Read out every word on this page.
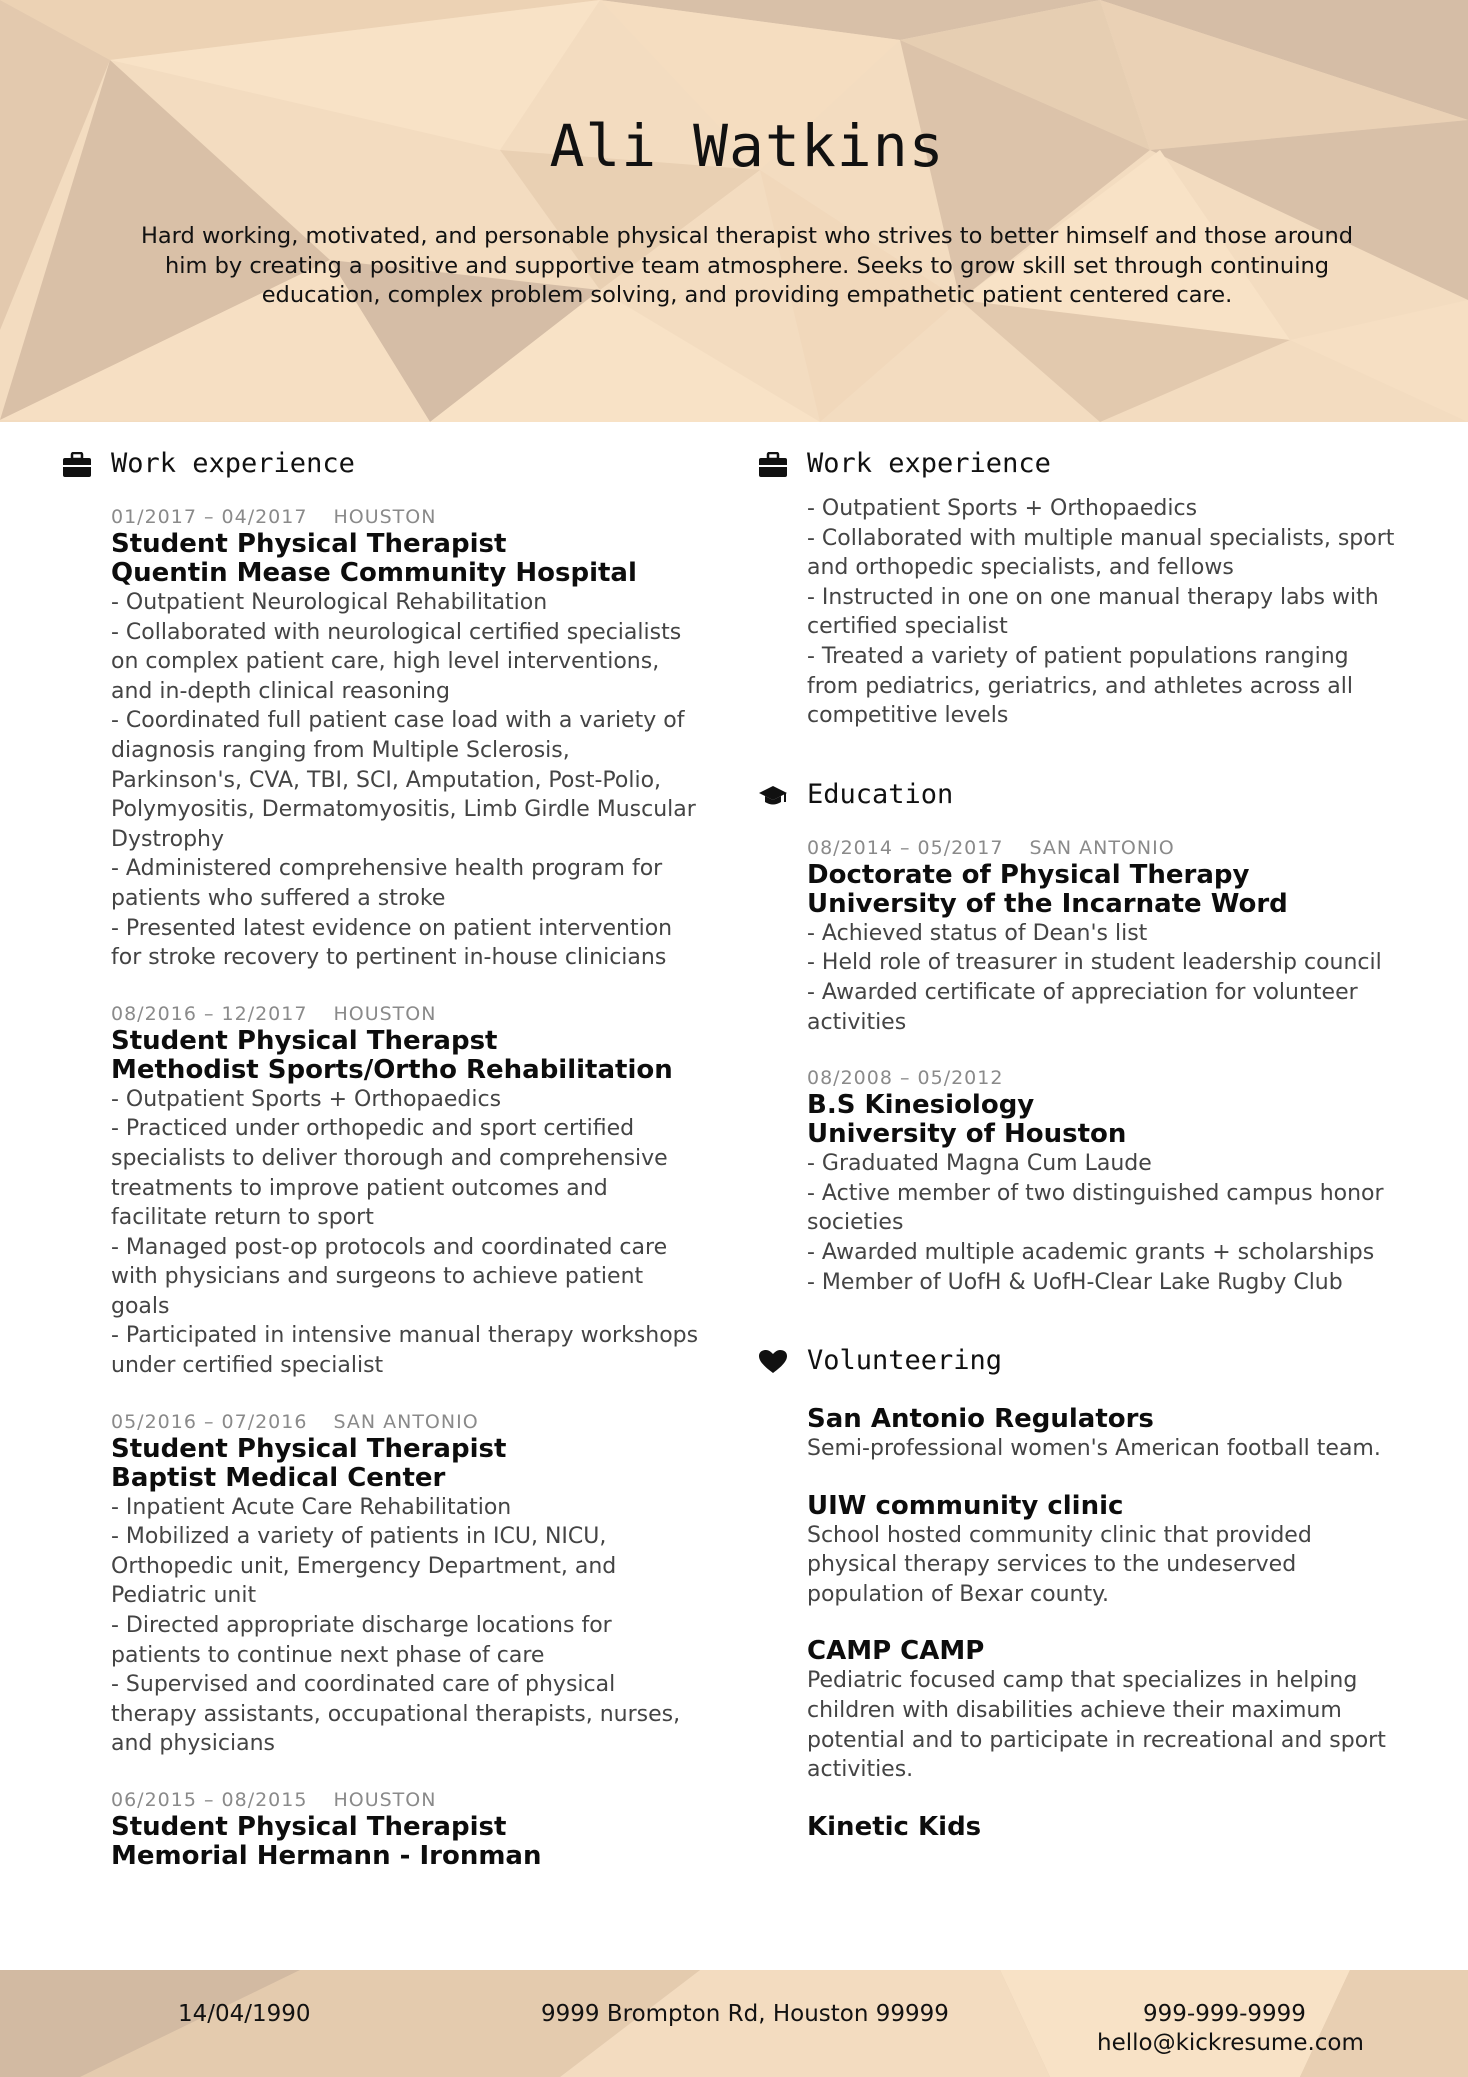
Ali Watkins
Hard working, motivated, and personable physical therapist who strives to better himself and those around him by creating a positive and supportive team atmosphere. Seeks to grow skill set through continuing education, complex problem solving, and providing empathetic patient centered care.
Work experience
01/2017 – 04/2017 HOUSTON
Student Physical Therapist
Quentin Mease Community Hospital
- Outpatient Neurological Rehabilitation
- Collaborated with neurological certified specialists on complex patient care, high level interventions, and in-depth clinical reasoning
- Coordinated full patient case load with a variety of diagnosis ranging from Multiple Sclerosis, Parkinson's, CVA, TBI, SCI, Amputation, Post-Polio, Polymyositis, Dermatomyositis, Limb Girdle Muscular Dystrophy
- Administered comprehensive health program for patients who suffered a stroke
- Presented latest evidence on patient intervention for stroke recovery to pertinent in-house clinicians
08/2016 – 12/2017 HOUSTON
Student Physical Therapst
Methodist Sports/Ortho Rehabilitation
- Outpatient Sports + Orthopaedics
- Practiced under orthopedic and sport certified specialists to deliver thorough and comprehensive treatments to improve patient outcomes and facilitate return to sport
- Managed post-op protocols and coordinated care with physicians and surgeons to achieve patient goals
- Participated in intensive manual therapy workshops under certified specialist
05/2016 – 07/2016 SAN ANTONIO
Student Physical Therapist
Baptist Medical Center
- Inpatient Acute Care Rehabilitation
- Mobilized a variety of patients in ICU, NICU, Orthopedic unit, Emergency Department, and Pediatric unit
- Directed appropriate discharge locations for patients to continue next phase of care
- Supervised and coordinated care of physical therapy assistants, occupational therapists, nurses, and physicians
06/2015 – 08/2015 HOUSTON
Student Physical Therapist
Memorial Hermann - Ironman
Work experience
- Outpatient Sports + Orthopaedics
- Collaborated with multiple manual specialists, sport and orthopedic specialists, and fellows
- Instructed in one on one manual therapy labs with certified specialist
- Treated a variety of patient populations ranging from pediatrics, geriatrics, and athletes across all competitive levels
Education
08/2014 – 05/2017 SAN ANTONIO
Doctorate of Physical Therapy
University of the Incarnate Word
- Achieved status of Dean's list
- Held role of treasurer in student leadership council
- Awarded certificate of appreciation for volunteer activities
08/2008 – 05/2012
B.S Kinesiology
University of Houston
- Graduated Magna Cum Laude
- Active member of two distinguished campus honor societies
- Awarded multiple academic grants + scholarships
- Member of UofH & UofH-Clear Lake Rugby Club
Volunteering
San Antonio Regulators
Semi-professional women's American football team.
UIW community clinic
School hosted community clinic that provided physical therapy services to the undeserved population of Bexar county.
CAMP CAMP
Pediatric focused camp that specializes in helping children with disabilities achieve their maximum potential and to participate in recreational and sport activities.
Kinetic Kids
14/04/1990	9999 Brompton Rd, Houston 99999	999-999-9999
hello@kickresume.com
